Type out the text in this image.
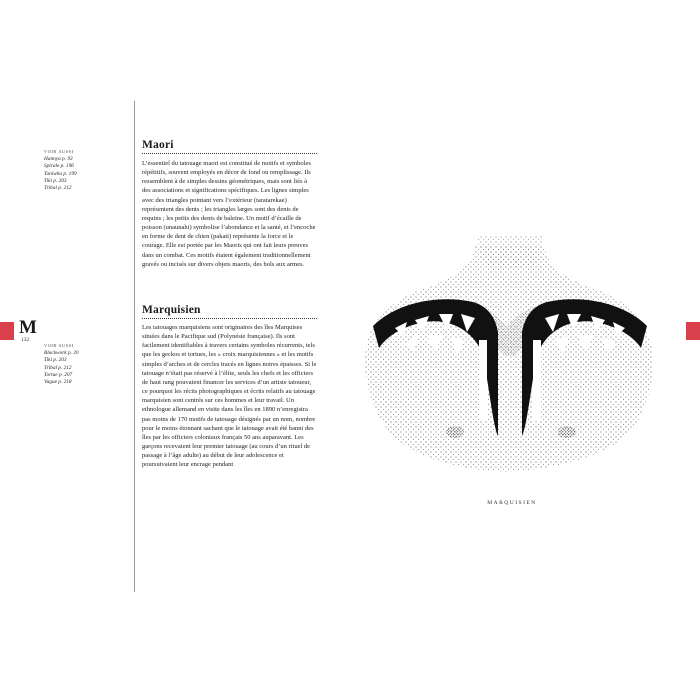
M
132
VOIR AUSSI
Hannya p. 93
Spirale p. 196
Taniwha p. 199
Tiki p. 203
Tribal p. 212
VOIR AUSSI
Blackwork p. 20
Tiki p. 203
Tribal p. 212
Tortue p. 207
Vague p. 218
Maori
L’essentiel du tatouage maori est constitué de motifs et symboles répétitifs, souvent employés en décor de fond ou remplissage. Ils ressemblent à de simples dessins géométriques, mais sont liés à des associations et significations spécifiques. Les lignes simples avec des triangles pointant vers l’extérieur (taratarekae) représentent des dents ; les triangles larges sont des dents de requins ; les petits des dents de baleine. Un motif d’écaille de poisson (unaunahi) symbolise l’abondance et la santé, et l’encoche en forme de dent de chien (pakati) représente la force et le courage. Elle est portée par les Maoris qui ont fait leurs preuves dans un combat. Ces motifs étaient également traditionnellement gravés ou incisés sur divers objets maoris, des bols aux armes.
Marquisien
Les tatouages marquisiens sont originaires des îles Marquises situées dans le Pacifique sud (Polynésie française). Ils sont facilement identifiables à travers certains symboles récurrents, tels que les geckos et tortues, les « croix marquisiennes » et les motifs simples d’arches et de cercles tracés en lignes noires épaisses. Si le tatouage n’était pas réservé à l’élite, seuls les chefs et les officiers de haut rang pouvaient financer les services d’un artiste tatoueur, ce pourquoi les récits photographiques et écrits relatifs au tatouage marquisien sont centrés sur ces hommes et leur travail. Un ethnologue allemand en visite dans les îles en 1890 n’enregistra pas moins de 170 motifs de tatouage désignés par un nom, nombre pour le moins étonnant sachant que le tatouage avait été banni des îles par les officiers coloniaux français 50 ans auparavant. Les garçons recevaient leur premier tatouage (au cours d’un rituel de passage à l’âge adulte) au début de leur adolescence et poursuivaient leur encrage pendant
MARQUISIEN
